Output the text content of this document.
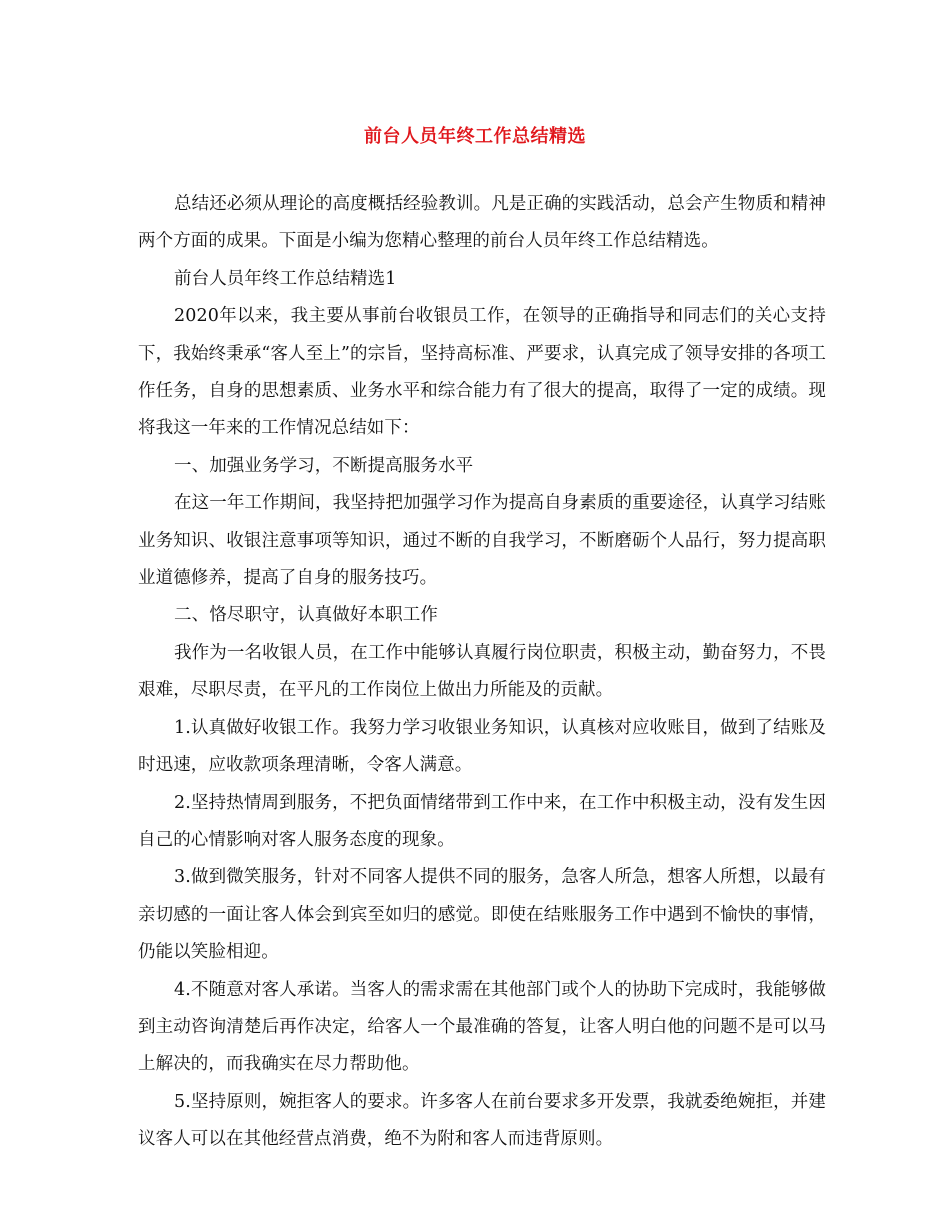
前台人员年终工作总结精选

总结还必须从理论的高度概括经验教训。凡是正确的实践活动，总会产生物质和精神两个方面的成果。下面是小编为您精心整理的前台人员年终工作总结精选。

前台人员年终工作总结精选1

2020年以来，我主要从事前台收银员工作，在领导的正确指导和同志们的关心支持下，我始终秉承“客人至上”的宗旨，坚持高标准、严要求，认真完成了领导安排的各项工作任务，自身的思想素质、业务水平和综合能力有了很大的提高，取得了一定的成绩。现将我这一年来的工作情况总结如下：

一、加强业务学习，不断提高服务水平

在这一年工作期间，我坚持把加强学习作为提高自身素质的重要途径，认真学习结账业务知识、收银注意事项等知识，通过不断的自我学习，不断磨砺个人品行，努力提高职业道德修养，提高了自身的服务技巧。

二、恪尽职守，认真做好本职工作

我作为一名收银人员，在工作中能够认真履行岗位职责，积极主动，勤奋努力，不畏艰难，尽职尽责，在平凡的工作岗位上做出力所能及的贡献。

1.认真做好收银工作。我努力学习收银业务知识，认真核对应收账目，做到了结账及时迅速，应收款项条理清晰，令客人满意。

2.坚持热情周到服务，不把负面情绪带到工作中来，在工作中积极主动，没有发生因自己的心情影响对客人服务态度的现象。

3.做到微笑服务，针对不同客人提供不同的服务，急客人所急，想客人所想，以最有亲切感的一面让客人体会到宾至如归的感觉。即使在结账服务工作中遇到不愉快的事情，仍能以笑脸相迎。

4.不随意对客人承诺。当客人的需求需在其他部门或个人的协助下完成时，我能够做到主动咨询清楚后再作决定，给客人一个最准确的答复，让客人明白他的问题不是可以马上解决的，而我确实在尽力帮助他。

5.坚持原则，婉拒客人的要求。许多客人在前台要求多开发票，我就委绝婉拒，并建议客人可以在其他经营点消费，绝不为附和客人而违背原则。
